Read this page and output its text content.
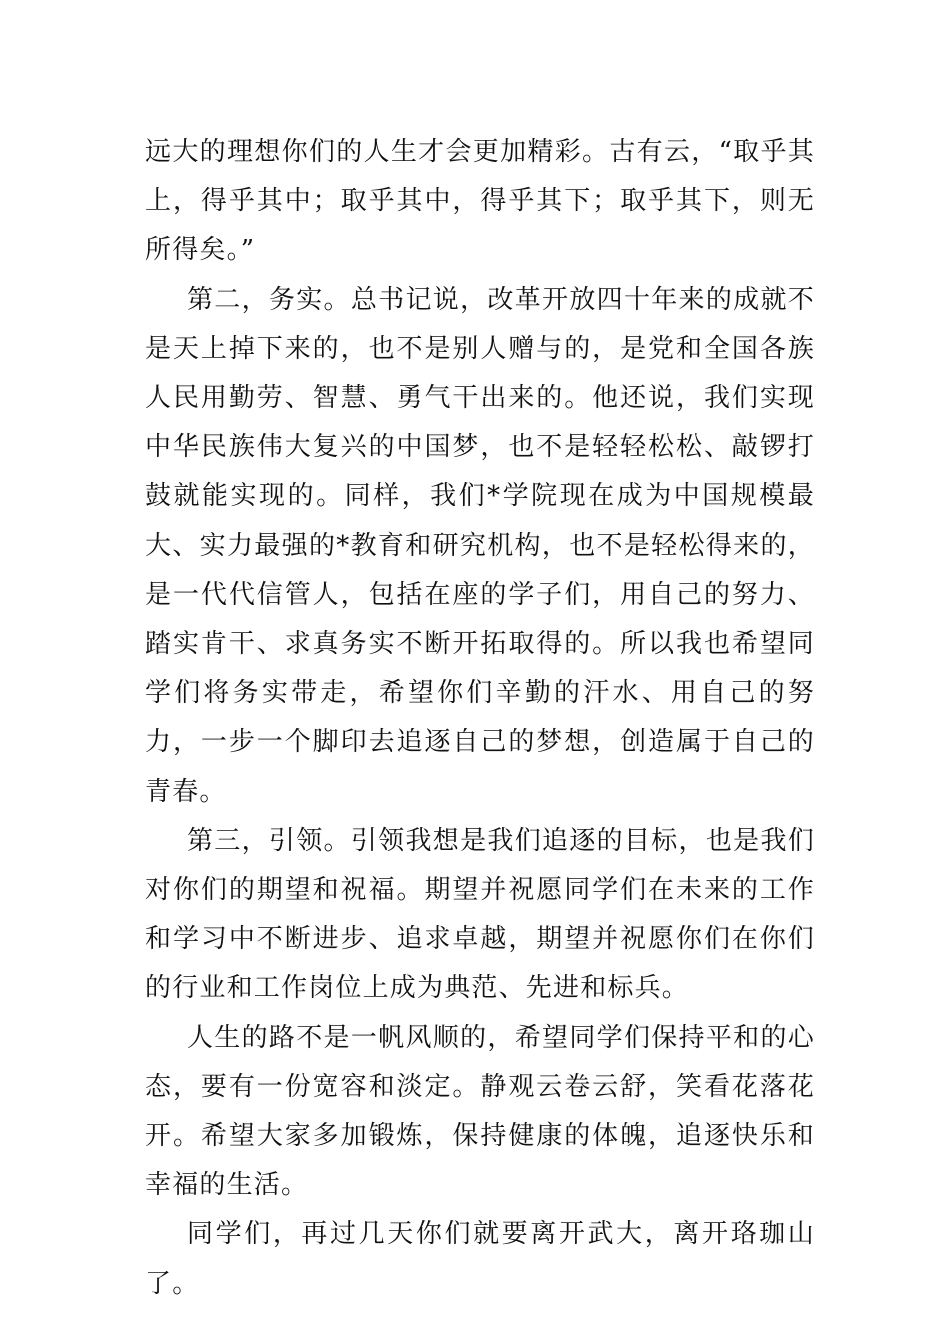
远大的理想你们的人生才会更加精彩。古有云，“取乎其上，得乎其中；取乎其中，得乎其下；取乎其下，则无所得矣。”

第二，务实。总书记说，改革开放四十年来的成就不是天上掉下来的，也不是别人赠与的，是党和全国各族人民用勤劳、智慧、勇气干出来的。他还说，我们实现中华民族伟大复兴的中国梦，也不是轻轻松松、敲锣打鼓就能实现的。同样，我们*学院现在成为中国规模最大、实力最强的*教育和研究机构，也不是轻松得来的，是一代代信管人，包括在座的学子们，用自己的努力、踏实肯干、求真务实不断开拓取得的。所以我也希望同学们将务实带走，希望你们辛勤的汗水、用自己的努力，一步一个脚印去追逐自己的梦想，创造属于自己的青春。

第三，引领。引领我想是我们追逐的目标，也是我们对你们的期望和祝福。期望并祝愿同学们在未来的工作和学习中不断进步、追求卓越，期望并祝愿你们在你们的行业和工作岗位上成为典范、先进和标兵。

人生的路不是一帆风顺的，希望同学们保持平和的心态，要有一份宽容和淡定。静观云卷云舒，笑看花落花开。希望大家多加锻炼，保持健康的体魄，追逐快乐和幸福的生活。

同学们，再过几天你们就要离开武大，离开珞珈山了。
